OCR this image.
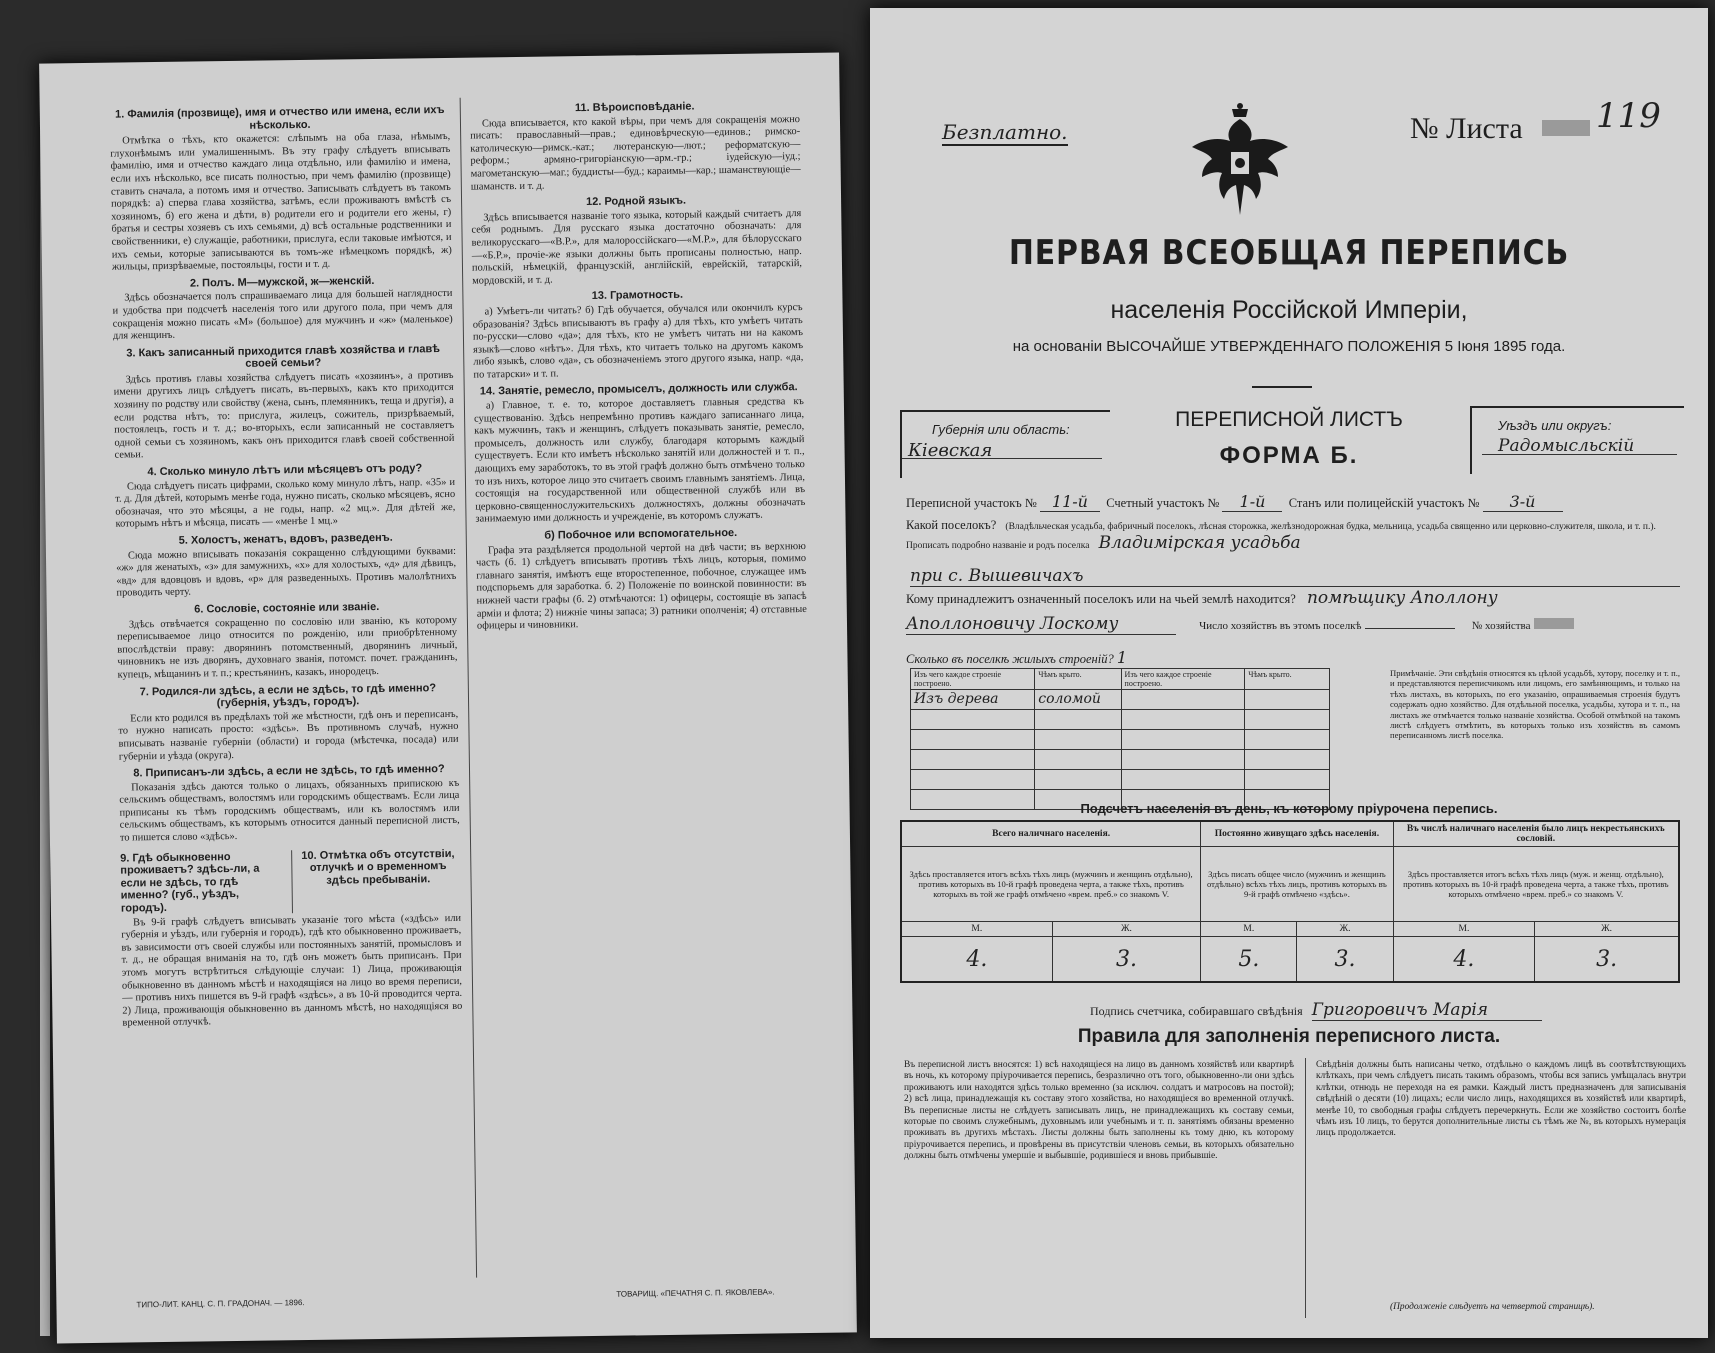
1. Фамилія (прозвище), имя и отчество или имена, если ихъ нѣсколько.

Отмѣтка о тѣхъ, кто окажется: слѣпымъ на оба глаза, нѣмымъ, глухонѣмымъ или умалишеннымъ. Въ эту графу слѣдуетъ вписывать фамилію, имя и отчество каждаго лица отдѣльно, или фамилію и имена, если ихъ нѣсколько, все писать полностью, при чемъ фамилію (прозвище) ставить сначала, а потомъ имя и отчество. Записывать слѣдуетъ въ такомъ порядкѣ: а) сперва глава хозяйства, затѣмъ, если проживаютъ вмѣстѣ съ хозяиномъ, б) его жена и дѣти, в) родители его и родители его жены, г) братья и сестры хозяевъ съ ихъ семьями, д) всѣ остальные родственники и свойственники, е) служащіе, работники, прислуга, если таковые имѣются, и ихъ семьи, которые записываются въ томъ-же нѣмецкомъ порядкѣ, ж) жильцы, призрѣваемые, постояльцы, гости и т. д.

2. Полъ. М—мужской, ж—женскій.

Здѣсь обозначается полъ спрашиваемаго лица для большей наглядности и удобства при подсчетѣ населенія того или другого пола, при чемъ для сокращенія можно писать «М» (большое) для мужчинъ и «ж» (маленькое) для женщинъ.

3. Какъ записанный приходится главѣ хозяйства и главѣ своей семьи?

Здѣсь противъ главы хозяйства слѣдуетъ писать «хозяинъ», а противъ имени другихъ лицъ слѣдуетъ писать, въ-первыхъ, какъ кто приходится хозяину по родству или свойству (жена, сынъ, племянникъ, теща и другія), а если родства нѣтъ, то: прислуга, жилецъ, сожитель, призрѣваемый, постоялецъ, гость и т. д.; во-вторыхъ, если записанный не составляетъ одной семьи съ хозяиномъ, какъ онъ приходится главѣ своей собственной семьи.

4. Сколько минуло лѣтъ или мѣсяцевъ отъ роду?

Сюда слѣдуетъ писать цифрами, сколько кому минуло лѣтъ, напр. «35» и т. д. Для дѣтей, которымъ менѣе года, нужно писать, сколько мѣсяцевъ, ясно обозначая, что это мѣсяцы, а не годы, напр. «2 мц.». Для дѣтей же, которымъ нѣтъ и мѣсяца, писать — «менѣе 1 мц.»

5. Холостъ, женатъ, вдовъ, разведенъ.

Сюда можно вписывать показанія сокращенно слѣдующими буквами: «ж» для женатыхъ, «з» для замужнихъ, «х» для холостыхъ, «д» для дѣвицъ, «вд» для вдовцовъ и вдовъ, «р» для разведенныхъ. Противъ малолѣтнихъ проводить черту.

6. Сословіе, состояніе или званіе.

Здѣсь отвѣчается сокращенно по сословію или званію, къ которому переписываемое лицо относится по рожденію, или приобрѣтенному впослѣдствіи праву: дворянинъ потомственный, дворянинъ личный, чиновникъ не изъ дворянъ, духовнаго званія, потомст. почет. гражданинъ, купецъ, мѣщанинъ и т. п.; крестьянинъ, казакъ, инородецъ.

7. Родился-ли здѣсь, а если не здѣсь, то гдѣ именно? (губернія, уѣздъ, городъ).

Если кто родился въ предѣлахъ той же мѣстности, гдѣ онъ и переписанъ, то нужно написать просто: «здѣсь». Въ противномъ случаѣ, нужно вписывать названіе губерніи (области) и города (мѣстечка, посада) или губерніи и уѣзда (округа).

8. Приписанъ-ли здѣсь, а если не здѣсь, то гдѣ именно?

Показанія здѣсь даются только о лицахъ, обязанныхъ припискою къ сельскимъ обществамъ, волостямъ или городскимъ обществамъ. Если лица приписаны къ тѣмъ городскимъ обществамъ, или къ волостямъ или сельскимъ обществамъ, къ которымъ относится данный переписной листъ, то пишется слово «здѣсь».

9. Гдѣ обыкновенно проживаетъ? здѣсь-ли, а если не здѣсь, то гдѣ именно? (губ., уѣздъ, городъ).
10. Отмѣтка объ отсутствіи, отлучкѣ и о временномъ здѣсь пребываніи.

Въ 9-й графѣ слѣдуетъ вписывать указаніе того мѣста («здѣсь» или губернія и уѣздъ, или губернія и городъ), гдѣ кто обыкновенно проживаетъ, въ зависимости отъ своей службы или постоянныхъ занятій, промысловъ и т. д., не обращая вниманія на то, гдѣ онъ можетъ быть приписанъ. При этомъ могутъ встрѣтиться слѣдующіе случаи: 1) Лица, проживающія обыкновенно въ данномъ мѣстѣ и находящіяся на лицо во время переписи, — противъ нихъ пишется въ 9-й графѣ «здѣсь», а въ 10-й проводится черта. 2) Лица, проживающія обыкновенно въ данномъ мѣстѣ, но находящіяся во временной отлучкѣ.

11. Вѣроисповѣданіе.

Сюда вписывается, кто какой вѣры, при чемъ для сокращенія можно писать: православный—прав.; единовѣрческую—единов.; римско-католическую—римск.-кат.; лютеранскую—лют.; реформатскую—реформ.; армяно-григоріанскую—арм.-гр.; іудейскую—іуд.; магометанскую—маг.; буддисты—буд.; караимы—кар.; шаманствующіе—шаманств. и т. д.

12. Родной языкъ.

Здѣсь вписывается названіе того языка, который каждый считаетъ для себя роднымъ. Для русскаго языка достаточно обозначать: для великорусскаго—«В.Р.», для малороссійскаго—«М.Р.», для бѣлорусскаго—«Б.Р.», прочіе-же языки должны быть прописаны полностью, напр. польскій, нѣмецкій, французскій, англійскій, еврейскій, татарскій, мордовскій, и т. д.

13. Грамотность.

а) Умѣетъ-ли читать? б) Гдѣ обучается, обучался или окончилъ курсъ образованія? Здѣсь вписываютъ въ графу а) для тѣхъ, кто умѣетъ читать по-русски—слово «да»; для тѣхъ, кто не умѣетъ читать ни на какомъ языкѣ—слово «нѣтъ». Для тѣхъ, кто читаетъ только на другомъ какомъ либо языкѣ, слово «да», съ обозначеніемъ этого другого языка, напр. «да, по татарски» и т. п.

14. Занятіе, ремесло, промыселъ, должность или служба.

а) Главное, т. е. то, которое доставляетъ главныя средства къ существованію. Здѣсь непремѣнно противъ каждаго записаннаго лица, какъ мужчинъ, такъ и женщинъ, слѣдуетъ показывать занятіе, ремесло, промыселъ, должность или службу, благодаря которымъ каждый существуетъ. Если кто имѣетъ нѣсколько занятій или должностей и т. п., дающихъ ему заработокъ, то въ этой графѣ должно быть отмѣчено только то изъ нихъ, которое лицо это считаетъ своимъ главнымъ занятіемъ. Лица, состоящія на государственной или общественной службѣ или въ церковно-священнослужительскихъ должностяхъ, должны обозначать занимаемую ими должность и учрежденіе, въ которомъ служатъ.

б) Побочное или вспомогательное.

Графа эта раздѣляется продольной чертой на двѣ части; въ верхнюю часть (б. 1) слѣдуетъ вписывать противъ тѣхъ лицъ, которыя, помимо главнаго занятія, имѣютъ еще второстепенное, побочное, служащее имъ подспорьемъ для заработка. б. 2) Положеніе по воинской повинности: въ нижней части графы (б. 2) отмѣчаются: 1) офицеры, состоящіе въ запасѣ арміи и флота; 2) нижніе чины запаса; 3) ратники ополченія; 4) отставные офицеры и чиновники.

ТИПО-ЛИТ. КАНЦ. С. П. ГРАДОНАЧ. — 1896.
ТОВАРИЩ. «ПЕЧАТНЯ С. П. ЯКОВЛЕВА».
Безплатно.	№ Листа 119
ПЕРВАЯ ВСЕОБЩАЯ ПЕРЕПИСЬ
населенія Россійской Имперіи,
на основаніи ВЫСОЧАЙШЕ УТВЕРЖДЕННАГО ПОЛОЖЕНІЯ 5 Іюня 1895 года.
Губернія или область:
Кіевская
ПЕРЕПИСНОЙ ЛИСТЪ
ФОРМА Б.
Уѣздъ или округъ:
Радомысльскій
Переписной участокъ № 11-й Счетный участокъ № 1-й Станъ или полицейскій участокъ № 3-й
Какой поселокъ? (Владѣльческая усадьба, фабричный поселокъ, лѣсная сторожка, желѣзнодорожная будка, мельница, усадьба священно или церковно-служителя, школа, и т. п.). Прописать подробно названіе и родъ поселка Владимірская усадьба
при с. Вышевичахъ
Кому принадлежитъ означенный поселокъ или на чьей землѣ находится? помѣщику Аполлону
Аполлоновичу Лоскому	Число хозяйствъ въ этомъ поселкѣ	№ хозяйства
Сколько въ поселкѣ жилыхъ строеній? 1
Изъ чего каждое строеніе построено.	Чѣмъ крыто.	Изъ чего каждое строеніе построено.	Чѣмъ крыто.
Изъ дерева	соломой		

Примѣчаніе. Эти свѣдѣнія относятся къ цѣлой усадьбѣ, хутору, поселку и т. п., и представляются переписчикомъ или лицомъ, его замѣняющимъ, и только на тѣхъ листахъ, въ которыхъ, по его указанію, опрашиваемыя строенія будутъ содержать одно хозяйство. Для отдѣльной поселка, усадьбы, хутора и т. п., на листахъ же отмѣчается только названіе хозяйства. Особой отмѣткой на такомъ листѣ слѣдуетъ отмѣтить, въ которыхъ только изъ хозяйствъ въ самомъ переписанномъ листѣ поселка.
Подсчетъ населенія въ день, къ которому пріурочена перепись.
Всего наличнаго населенія.		Постоянно живущаго здѣсь населенія.		Въ числѣ наличнаго населенія было лицъ некрестьянскихъ сословій.	
Здѣсь проставляется итогъ всѣхъ тѣхъ лицъ (мужчинъ и женщинъ отдѣльно), противъ которыхъ въ 10-й графѣ проведена черта, а также тѣхъ, противъ которыхъ въ той же графѣ отмѣчено «врем. преб.» со знакомъ V.		Здѣсь писать общее число (мужчинъ и женщинъ отдѣльно) всѣхъ тѣхъ лицъ, противъ которыхъ въ 9-й графѣ отмѣчено «здѣсь».		Здѣсь проставляется итогъ всѣхъ тѣхъ лицъ (муж. и женщ. отдѣльно), противъ которыхъ въ 10-й графѣ проведена черта, а также тѣхъ, противъ которыхъ отмѣчено «врем. преб.» со знакомъ V.	
М.	Ж.	М.	Ж.	М.	Ж.
4.	3.	5.	3.	4.	3.
Подпись счетчика, собиравшаго свѣдѣнія Григоровичъ Марія
Правила для заполненія переписного листа.
Въ переписной листъ вносятся: 1) всѣ находящіеся на лицо въ данномъ хозяйствѣ или квартирѣ въ ночь, къ которому пріурочивается перепись, безразлично отъ того, обыкновенно-ли они здѣсь проживаютъ или находятся здѣсь только временно (за исключ. солдатъ и матросовъ на постой); 2) всѣ лица, принадлежащія къ составу этого хозяйства, но находящіеся во временной отлучкѣ. Въ переписные листы не слѣдуетъ записывать лицъ, не принадлежащихъ къ составу семьи, которые по своимъ служебнымъ, духовнымъ или учебнымъ и т. п. занятіямъ обязаны временно проживать въ другихъ мѣстахъ. Листы должны быть заполнены къ тому дню, къ которому пріурочивается перепись, и провѣрены въ присутствіи членовъ семьи, въ которыхъ обязательно должны быть отмѣчены умершіе и выбывшіе, родившіеся и вновь прибывшіе.
Свѣдѣнія должны быть написаны четко, отдѣльно о каждомъ лицѣ въ соотвѣтствующихъ клѣткахъ, при чемъ слѣдуетъ писать такимъ образомъ, чтобы вся запись умѣщалась внутри клѣтки, отнюдь не переходя на ея рамки. Каждый листъ предназначенъ для записыванія свѣдѣній о десяти (10) лицахъ; если число лицъ, находящихся въ хозяйствѣ или квартирѣ, менѣе 10, то свободныя графы слѣдуетъ перечеркнуть. Если же хозяйство состоитъ болѣе чѣмъ изъ 10 лицъ, то берутся дополнительные листы съ тѣмъ же №, въ которыхъ нумерація лицъ продолжается.
(Продолженіе слѣдуетъ на четвертой страницѣ).
